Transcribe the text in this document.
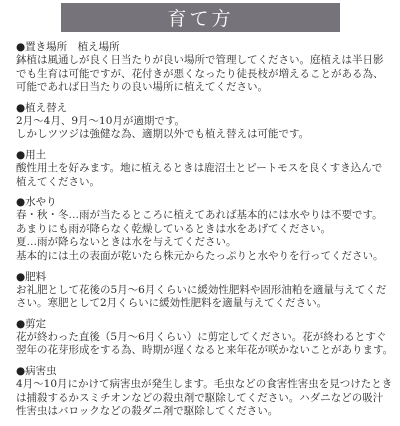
育て方
●置き場所　植え場所
鉢植は風通しが良く日当たりが良い場所で管理してください。庭植えは半日影
でも生育は可能ですが、花付きが悪くなったり徒長枝が増えることがある為、
可能であれば日当たりの良い場所に植えてください。
●植え替え
2月～4月、9月～10月が適期です。
しかしツツジは強健な為、適期以外でも植え替えは可能です。
●用土
酸性用土を好みます。地に植えるときは鹿沼土とピートモスを良くすき込んで
植えてください。
●水やり
春・秋・冬…雨が当たるところに植えてあれば基本的には水やりは不要です。
あまりにも雨が降らなく乾燥しているときは水をあげてください。
夏…雨が降らないときは水を与えてください。
基本的には土の表面が乾いたら株元からたっぷりと水やりを行ってください。
●肥料
お礼肥として花後の5月～6月くらいに緩効性肥料や固形油粕を適量与えてくだ
さい。寒肥として2月くらいに緩効性肥料を適量与えてください。
●剪定
花が終わった直後（5月～6月くらい）に剪定してください。花が終わるとすぐ
翌年の花芽形成をする為、時期が遅くなると来年花が咲かないことがあります。
●病害虫
4月～10月にかけて病害虫が発生します。毛虫などの食害性害虫を見つけたとき
は捕殺するかスミチオンなどの殺虫剤で駆除してください。ハダニなどの吸汁
性害虫はバロックなどの殺ダニ剤で駆除してください。
